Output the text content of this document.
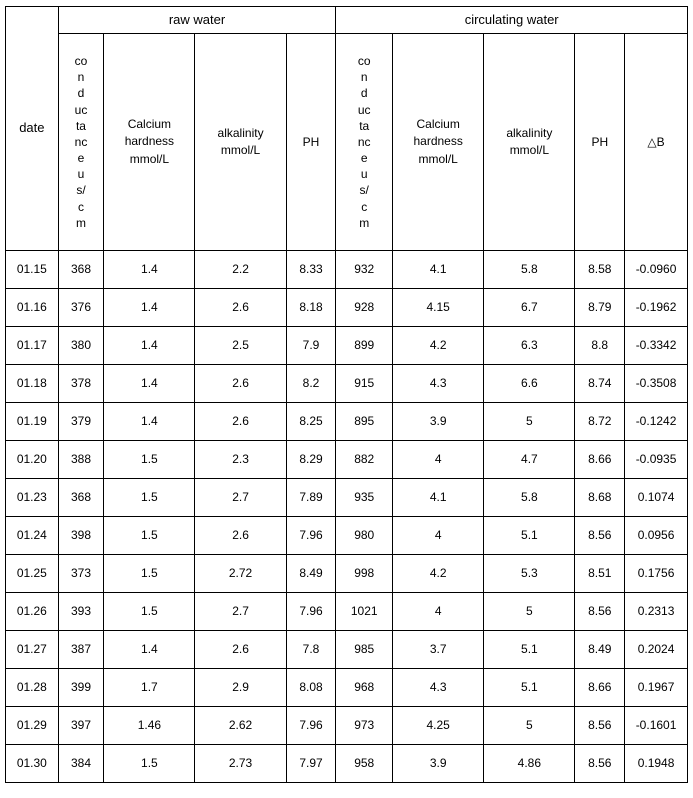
date	raw water				circulating water				

	conductance u s/ cm	Calcium
hardness
mmol/L	alkalinity
mmol/L	PH	conductance u s/c m	Calcium
hardness
mmol/L	alkalinity
mmol/L	PH	△B
01.15	368	1.4	2.2	8.33	932	4.1	5.8	8.58	-0.0960
01.16	376	1.4	2.6	8.18	928	4.15	6.7	8.79	-0.1962
01.17	380	1.4	2.5	7.9	899	4.2	6.3	8.8	-0.3342
01.18	378	1.4	2.6	8.2	915	4.3	6.6	8.74	-0.3508
01.19	379	1.4	2.6	8.25	895	3.9	5	8.72	-0.1242
01.20	388	1.5	2.3	8.29	882	4	4.7	8.66	-0.0935
01.23	368	1.5	2.7	7.89	935	4.1	5.8	8.68	0.1074
01.24	398	1.5	2.6	7.96	980	4	5.1	8.56	0.0956
01.25	373	1.5	2.72	8.49	998	4.2	5.3	8.51	0.1756
01.26	393	1.5	2.7	7.96	1021	4	5	8.56	0.2313
01.27	387	1.4	2.6	7.8	985	3.7	5.1	8.49	0.2024
01.28	399	1.7	2.9	8.08	968	4.3	5.1	8.66	0.1967
01.29	397	1.46	2.62	7.96	973	4.25	5	8.56	-0.1601
01.30	384	1.5	2.73	7.97	958	3.9	4.86	8.56	0.1948
